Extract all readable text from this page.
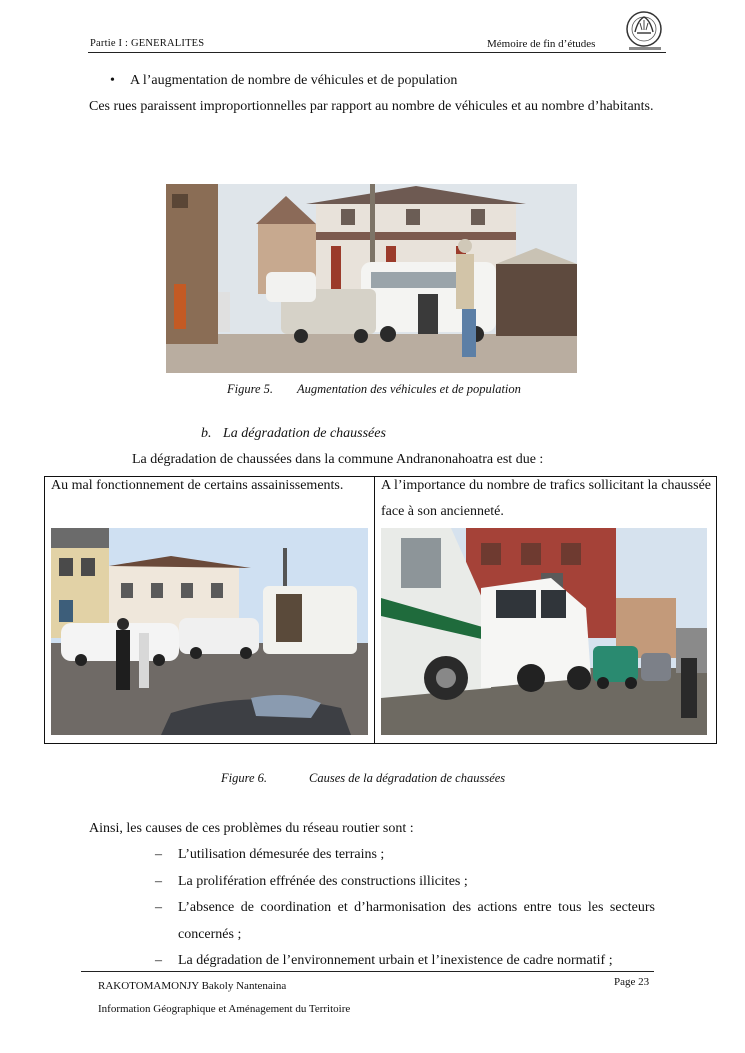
Partie I : GENERALITES	Mémoire de fin d’études
• A l’augmentation de nombre de véhicules et de population
Ces rues paraissent improportionnelles par rapport au nombre de véhicules et au nombre d’habitants.
Figure 5. Augmentation des véhicules et de population
b. La dégradation de chaussées
La dégradation de chaussées dans la commune Andranonahoatra est due :
Au mal fonctionnement de certains assainissements.	A l’importance du nombre de trafics sollicitant la chaussée face à son ancienneté.
Figure 6.	Causes de la dégradation de chaussées
Ainsi, les causes de ces problèmes du réseau routier sont :
– L’utilisation démesurée des terrains ;
– La prolifération effrénée des constructions illicites ;
– L’absence de coordination et d’harmonisation des actions entre tous les secteurs concernés ;
– La dégradation de l’environnement urbain et l’inexistence de cadre normatif ;
RAKOTOMAMONJY Bakoly Nantenaina
Information Géographique et Aménagement du Territoire
Page 23
